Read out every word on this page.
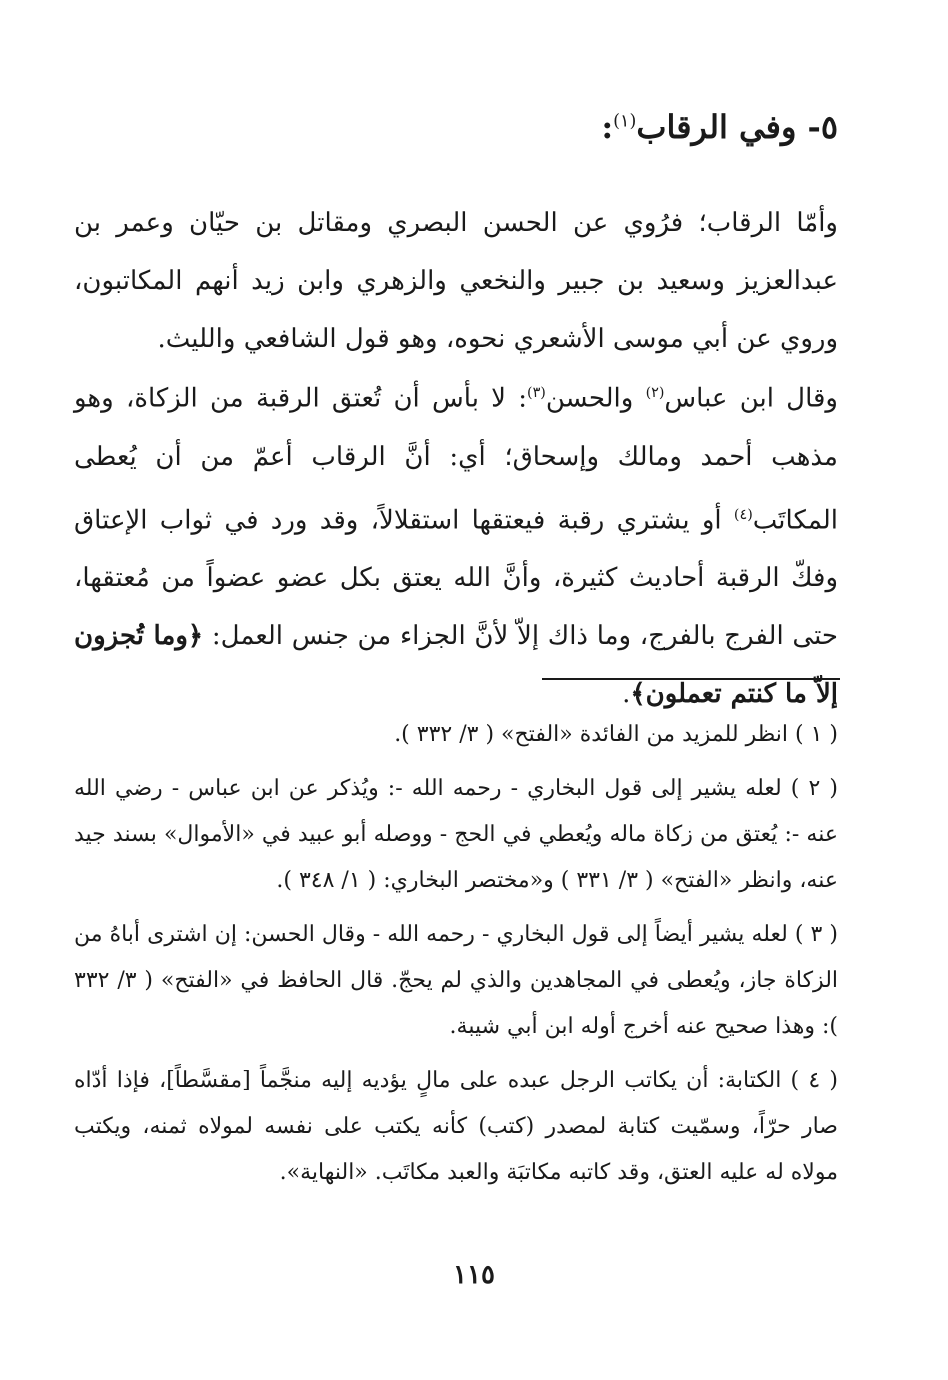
٥- وفي الرقاب$^{(١)}$:

وأمّا الرقاب؛ فرُوي عن الحسن البصري ومقاتل بن حيّان وعمر بن عبدالعزيز وسعيد بن جبير والنخعي والزهري وابن زيد أنهم المكاتبون، وروي عن أبي موسى الأشعري نحوه، وهو قول الشافعي والليث.

وقال ابن عباس$^{(٢)}$ والحسن$^{(٣)}$: لا بأس أن تُعتق الرقبة من الزكاة، وهو مذهب أحمد ومالك وإسحاق؛ أي: أنَّ الرقاب أعمّ من أن يُعطى المكاتَب$^{(٤)}$ أو يشتري رقبة فيعتقها استقلالاً، وقد ورد في ثواب الإعتاق وفكّ الرقبة أحاديث كثيرة، وأنَّ الله يعتق بكل عضو عضواً من مُعتقها، حتى الفرج بالفرج، وما ذاك إلاّ لأنَّ الجزاء من جنس العمل: ﴿وما تُجزون إلاّ ما كنتم تعملون﴾.

( ١ ) انظر للمزيد من الفائدة «الفتح» ( ٣/ ٣٣٢ ).

( ٢ ) لعله يشير إلى قول البخاري - رحمه الله -: ويُذكر عن ابن عباس - رضي الله عنه -: يُعتق من زكاة ماله ويُعطي في الحج - ووصله أبو عبيد في «الأموال» بسند جيد عنه، وانظر «الفتح» ( ٣/ ٣٣١ ) و«مختصر البخاري: ( ١/ ٣٤٨ ).

( ٣ ) لعله يشير أيضاً إلى قول البخاري - رحمه الله - وقال الحسن: إن اشترى أباهُ من الزكاة جاز، ويُعطى في المجاهدين والذي لم يحجّ. قال الحافظ في «الفتح» ( ٣/ ٣٣٢ ): وهذا صحيح عنه أخرج أوله ابن أبي شيبة.

( ٤ ) الكتابة: أن يكاتب الرجل عبده على مالٍ يؤديه إليه منجَّماً [مقسَّطاً]، فإذا أدّاه صار حرّاً، وسمّيت كتابة لمصدر (كتب) كأنه يكتب على نفسه لمولاه ثمنه، ويكتب مولاه له عليه العتق، وقد كاتبه مكاتبَة والعبد مكاتَب. «النهاية».

١١٥
